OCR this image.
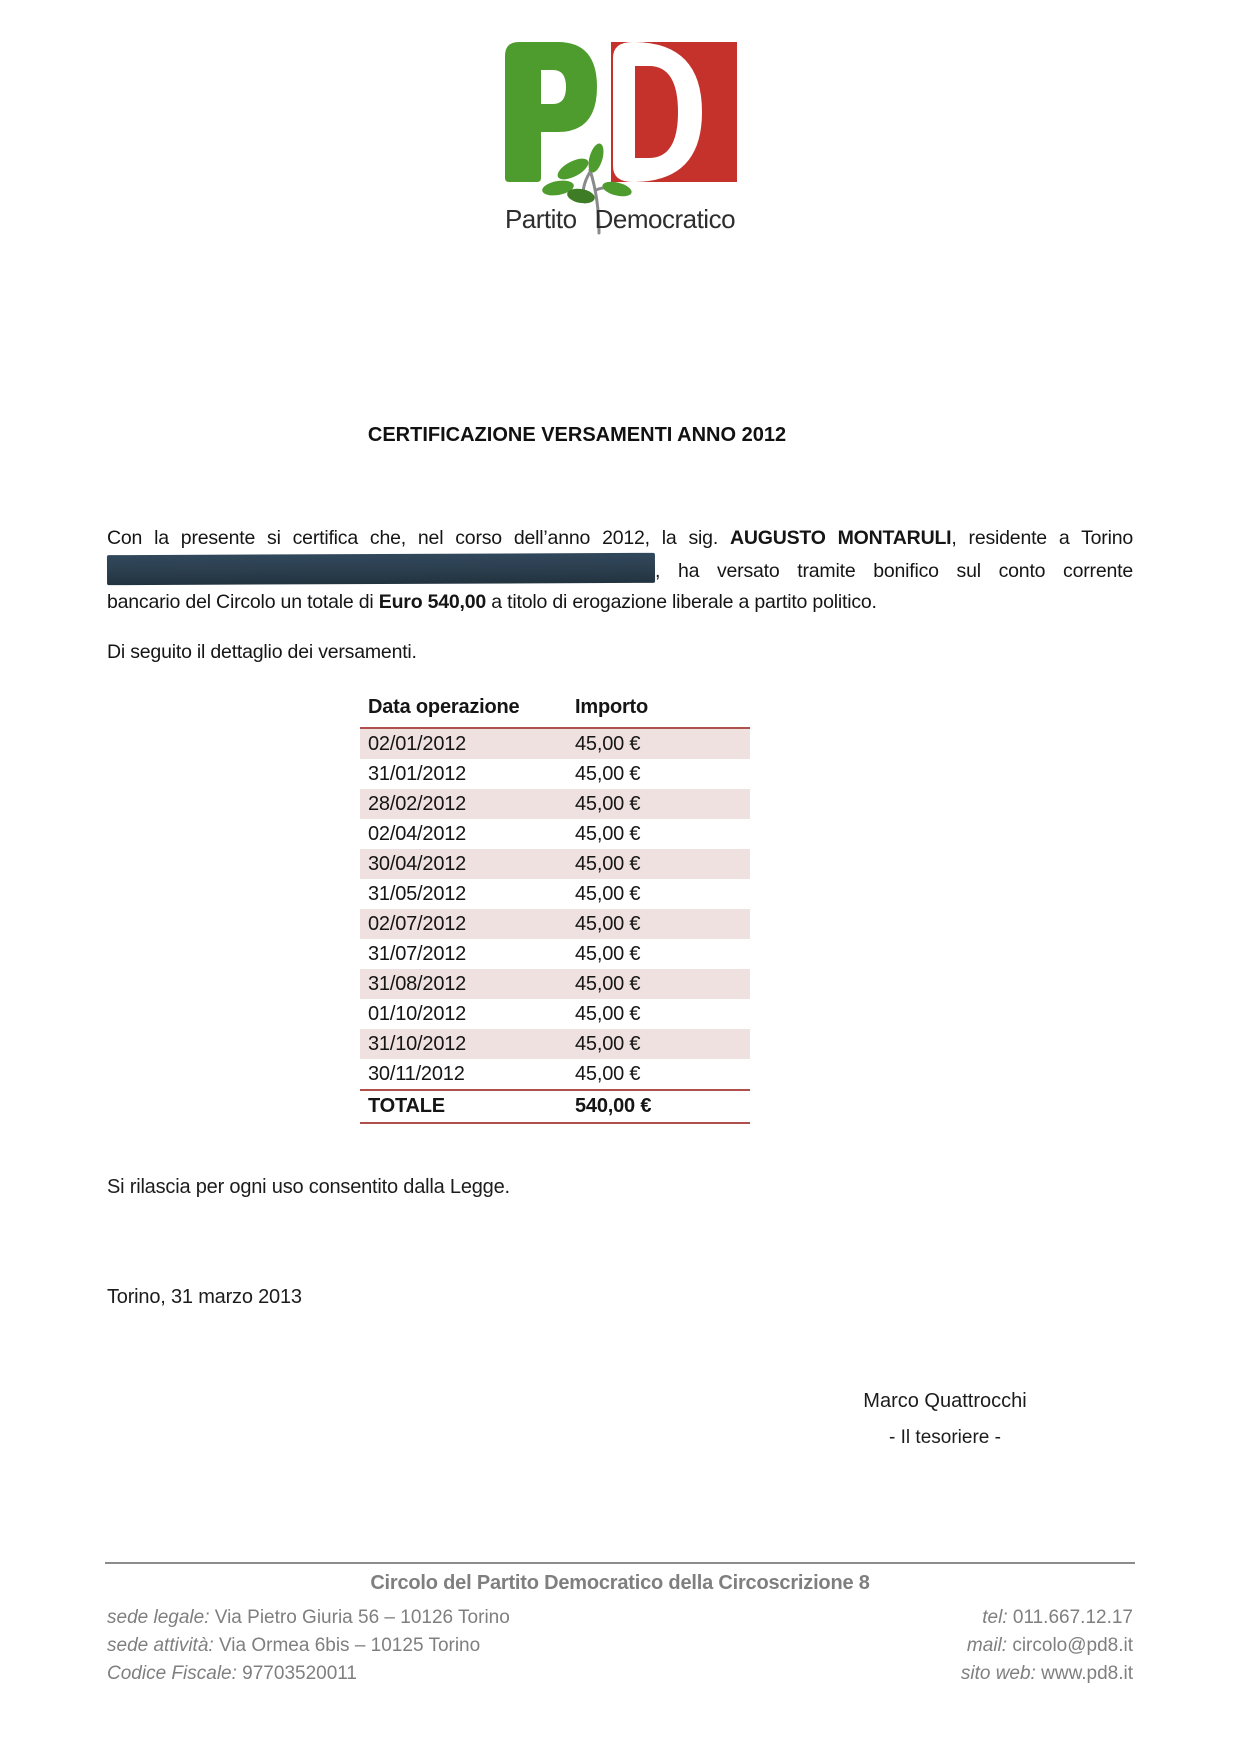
Partito Democratico
CERTIFICAZIONE VERSAMENTI ANNO 2012
Con la presente si certifica che, nel corso dell’anno 2012, la sig. AUGUSTO MONTARULI, residente a Torino
, ha versato tramite bonifico sul conto corrente
bancario del Circolo un totale di Euro 540,00 a titolo di erogazione liberale a partito politico.
Di seguito il dettaglio dei versamenti.
Data operazione	Importo
02/01/2012	45,00 €
31/01/2012	45,00 €
28/02/2012	45,00 €
02/04/2012	45,00 €
30/04/2012	45,00 €
31/05/2012	45,00 €
02/07/2012	45,00 €
31/07/2012	45,00 €
31/08/2012	45,00 €
01/10/2012	45,00 €
31/10/2012	45,00 €
30/11/2012	45,00 €
TOTALE	540,00 €
Si rilascia per ogni uso consentito dalla Legge.
Torino, 31 marzo 2013
Marco Quattrocchi
- Il tesoriere -
Circolo del Partito Democratico della Circoscrizione 8
sede legale: Via Pietro Giuria 56 – 10126 Torino
sede attività: Via Ormea 6bis – 10125 Torino
Codice Fiscale: 97703520011
tel: 011.667.12.17
mail: circolo@pd8.it
sito web: www.pd8.it
